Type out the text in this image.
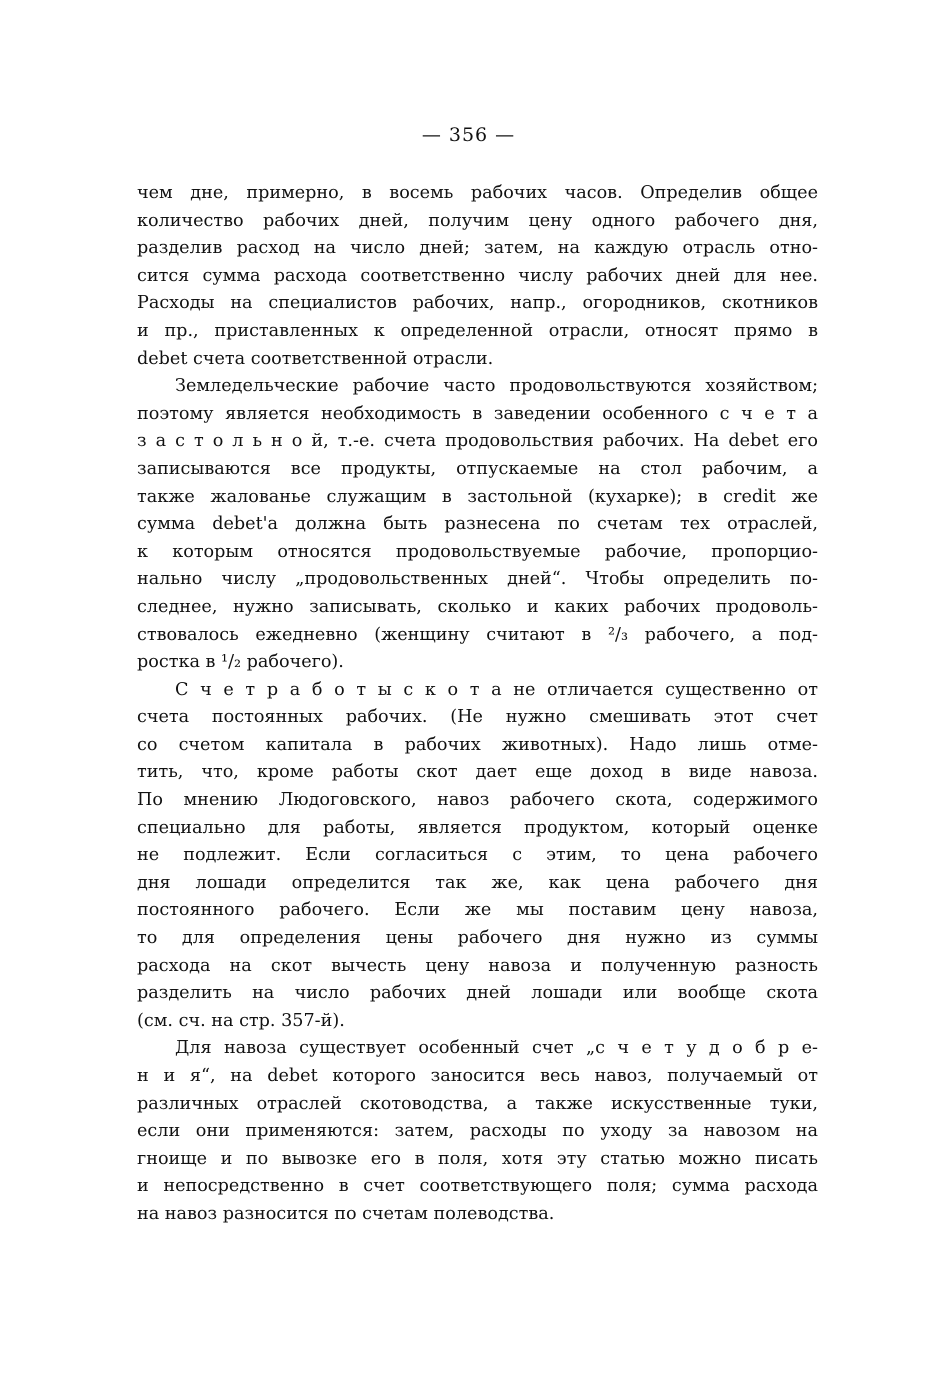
— 356 —
чем дне, примерно, в восемь рабочих часов. Определив общее
количество рабочих дней, получим цену одного рабочего дня,
разделив расход на число дней; затем, на каждую отрасль отно-
сится сумма расхода соответственно числу рабочих дней для нее.
Расходы на специалистов рабочих, напр., огородников, скотников
и пр., приставленных к определенной отрасли, относят прямо в
debet счета соответственной отрасли.
Земледельческие рабочие часто продовольствуются хозяйством;
поэтому является необходимость в заведении особенного с ч е т а
з а с т о л ь н о й, т.-е. счета продовольствия рабочих. На debet его
записываются все продукты, отпускаемые на стол рабочим, а
также жалованье служащим в застольной (кухарке); в credit же
сумма debet'а должна быть разнесена по счетам тех отраслей,
к которым относятся продовольствуемые рабочие, пропорцио-
нально числу „продовольственных дней“. Чтобы определить по-
следнее, нужно записывать, сколько и каких рабочих продоволь-
ствовалось ежедневно (женщину считают в ²/₃ рабочего, а под-
ростка в ¹/₂ рабочего).
С ч е т р а б о т ы с к о т а не отличается существенно от
счета постоянных рабочих. (Не нужно смешивать этот счет
со счетом капитала в рабочих животных). Надо лишь отме-
тить, что, кроме работы скот дает еще доход в виде навоза.
По мнению Людоговского, навоз рабочего скота, содержимого
специально для работы, является продуктом, который оценке
не подлежит. Если согласиться с этим, то цена рабочего
дня лошади определится так же, как цена рабочего дня
постоянного рабочего. Если же мы поставим цену навоза,
то для определения цены рабочего дня нужно из суммы
расхода на скот вычесть цену навоза и полученную разность
разделить на число рабочих дней лошади или вообще скота
(см. сч. на стр. 357-й).
Для навоза существует особенный счет „с ч е т у д о б р е-
н и я“, на debet которого заносится весь навоз, получаемый от
различных отраслей скотоводства, а также искусственные туки,
если они применяются: затем, расходы по уходу за навозом на
гноище и по вывозке его в поля, хотя эту статью можно писать
и непосредственно в счет соответствующего поля; сумма расхода
на навоз разносится по счетам полеводства.
